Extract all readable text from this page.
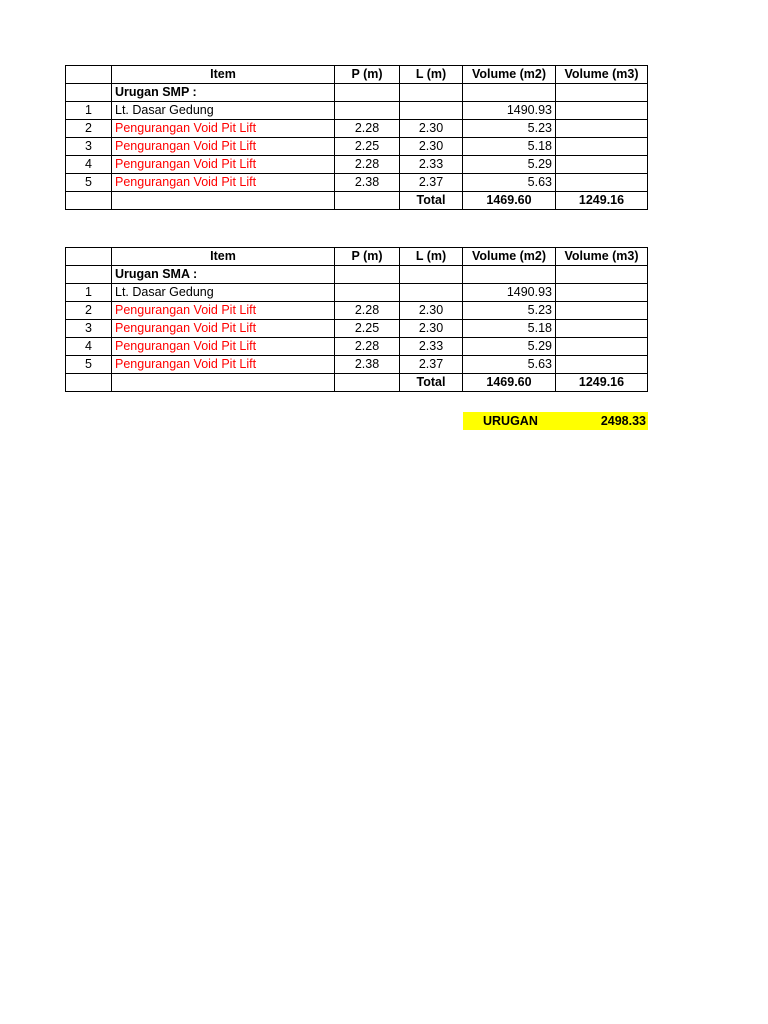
	Item	P (m)	L (m)	Volume (m2)	Volume (m3)
	Urugan SMP :				
1	Lt. Dasar Gedung			1490.93	
2	Pengurangan Void Pit Lift	2.28	2.30	5.23	
3	Pengurangan Void Pit Lift	2.25	2.30	5.18	
4	Pengurangan Void Pit Lift	2.28	2.33	5.29	
5	Pengurangan Void Pit Lift	2.38	2.37	5.63	
			Total	1469.60	1249.16
	Item	P (m)	L (m)	Volume (m2)	Volume (m3)
	Urugan SMA :				
1	Lt. Dasar Gedung			1490.93	
2	Pengurangan Void Pit Lift	2.28	2.30	5.23	
3	Pengurangan Void Pit Lift	2.25	2.30	5.18	
4	Pengurangan Void Pit Lift	2.28	2.33	5.29	
5	Pengurangan Void Pit Lift	2.38	2.37	5.63	
			Total	1469.60	1249.16
URUGAN	2498.33
